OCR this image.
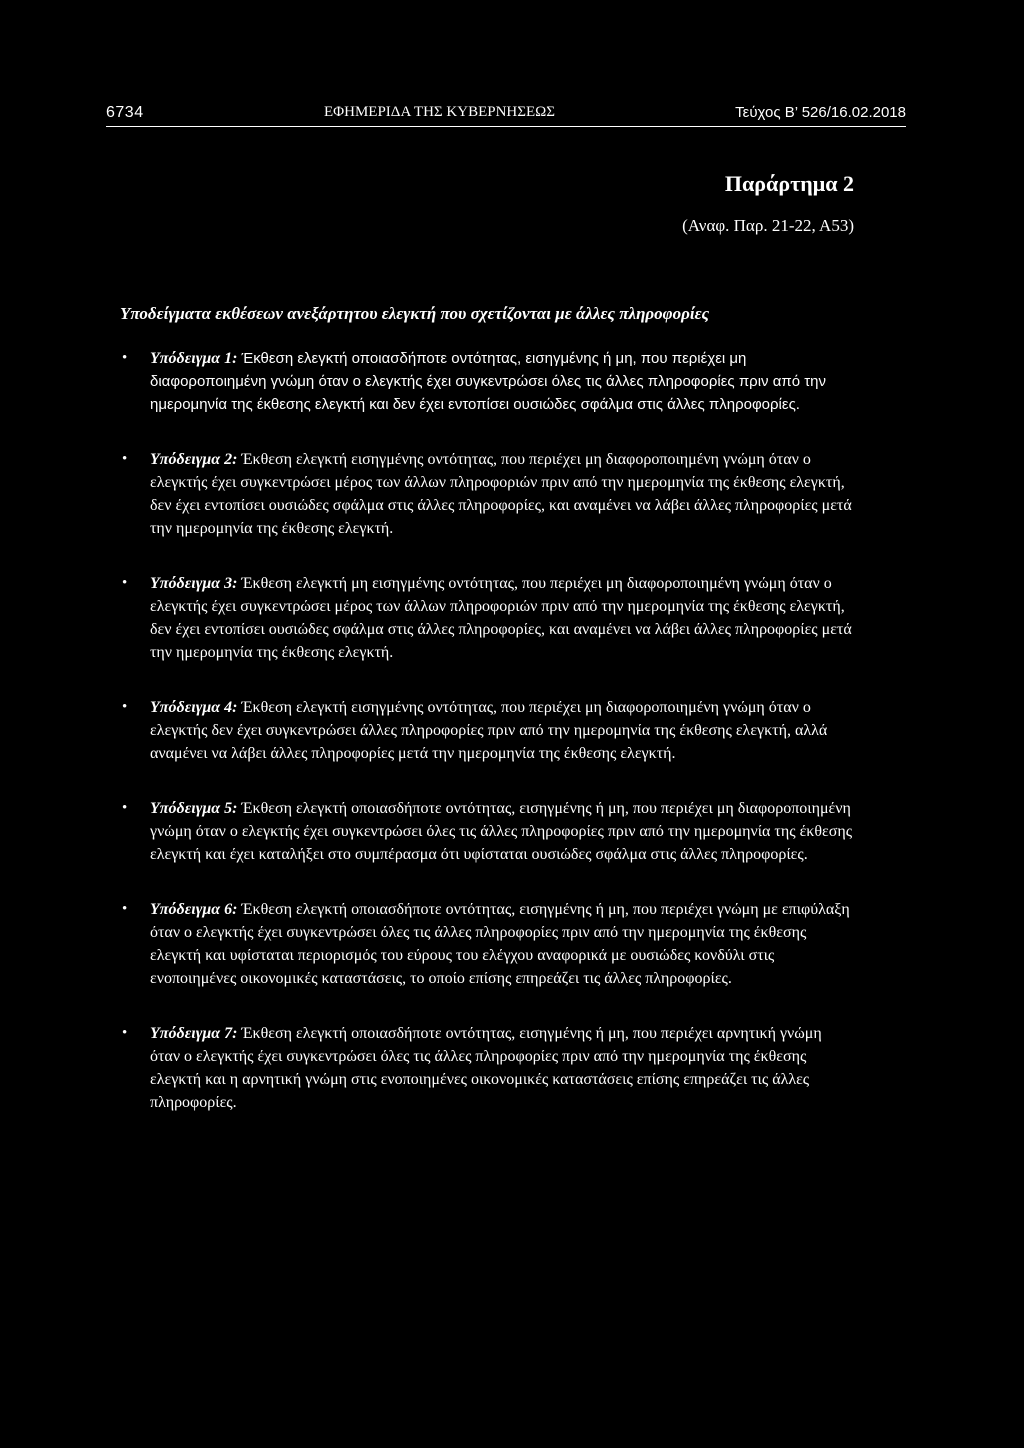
6734	ΕΦΗΜΕΡΙΔΑ ΤΗΣ ΚΥΒΕΡΝΗΣΕΩΣ	Τεύχος Β’ 526/16.02.2018
Παράρτημα 2
(Αναφ. Παρ. 21-22, Α53)
Υποδείγματα εκθέσεων ανεξάρτητου ελεγκτή που σχετίζονται με άλλες πληροφορίες
• Υπόδειγμα 1: Έκθεση ελεγκτή οποιασδήποτε οντότητας, εισηγμένης ή μη, που περιέχει μη διαφοροποιημένη γνώμη όταν ο ελεγκτής έχει συγκεντρώσει όλες τις άλλες πληροφορίες πριν από την ημερομηνία της έκθεσης ελεγκτή και δεν έχει εντοπίσει ουσιώδες σφάλμα στις άλλες πληροφορίες.
• Υπόδειγμα 2: Έκθεση ελεγκτή εισηγμένης οντότητας, που περιέχει μη διαφοροποιημένη γνώμη όταν ο ελεγκτής έχει συγκεντρώσει μέρος των άλλων πληροφοριών πριν από την ημερομηνία της έκθεσης ελεγκτή, δεν έχει εντοπίσει ουσιώδες σφάλμα στις άλλες πληροφορίες, και αναμένει να λάβει άλλες πληροφορίες μετά την ημερομηνία της έκθεσης ελεγκτή.
• Υπόδειγμα 3: Έκθεση ελεγκτή μη εισηγμένης οντότητας, που περιέχει μη διαφοροποιημένη γνώμη όταν ο ελεγκτής έχει συγκεντρώσει μέρος των άλλων πληροφοριών πριν από την ημερομηνία της έκθεσης ελεγκτή, δεν έχει εντοπίσει ουσιώδες σφάλμα στις άλλες πληροφορίες, και αναμένει να λάβει άλλες πληροφορίες μετά την ημερομηνία της έκθεσης ελεγκτή.
• Υπόδειγμα 4: Έκθεση ελεγκτή εισηγμένης οντότητας, που περιέχει μη διαφοροποιημένη γνώμη όταν ο ελεγκτής δεν έχει συγκεντρώσει άλλες πληροφορίες πριν από την ημερομηνία της έκθεσης ελεγκτή, αλλά αναμένει να λάβει άλλες πληροφορίες μετά την ημερομηνία της έκθεσης ελεγκτή.
• Υπόδειγμα 5: Έκθεση ελεγκτή οποιασδήποτε οντότητας, εισηγμένης ή μη, που περιέχει μη διαφοροποιημένη γνώμη όταν ο ελεγκτής έχει συγκεντρώσει όλες τις άλλες πληροφορίες πριν από την ημερομηνία της έκθεσης ελεγκτή και έχει καταλήξει στο συμπέρασμα ότι υφίσταται ουσιώδες σφάλμα στις άλλες πληροφορίες.
• Υπόδειγμα 6: Έκθεση ελεγκτή οποιασδήποτε οντότητας, εισηγμένης ή μη, που περιέχει γνώμη με επιφύλαξη όταν ο ελεγκτής έχει συγκεντρώσει όλες τις άλλες πληροφορίες πριν από την ημερομηνία της έκθεσης ελεγκτή και υφίσταται περιορισμός του εύρους του ελέγχου αναφορικά με ουσιώδες κονδύλι στις ενοποιημένες οικονομικές καταστάσεις, το οποίο επίσης επηρεάζει τις άλλες πληροφορίες.
• Υπόδειγμα 7: Έκθεση ελεγκτή οποιασδήποτε οντότητας, εισηγμένης ή μη, που περιέχει αρνητική γνώμη όταν ο ελεγκτής έχει συγκεντρώσει όλες τις άλλες πληροφορίες πριν από την ημερομηνία της έκθεσης ελεγκτή και η αρνητική γνώμη στις ενοποιημένες οικονομικές καταστάσεις επίσης επηρεάζει τις άλλες πληροφορίες.
